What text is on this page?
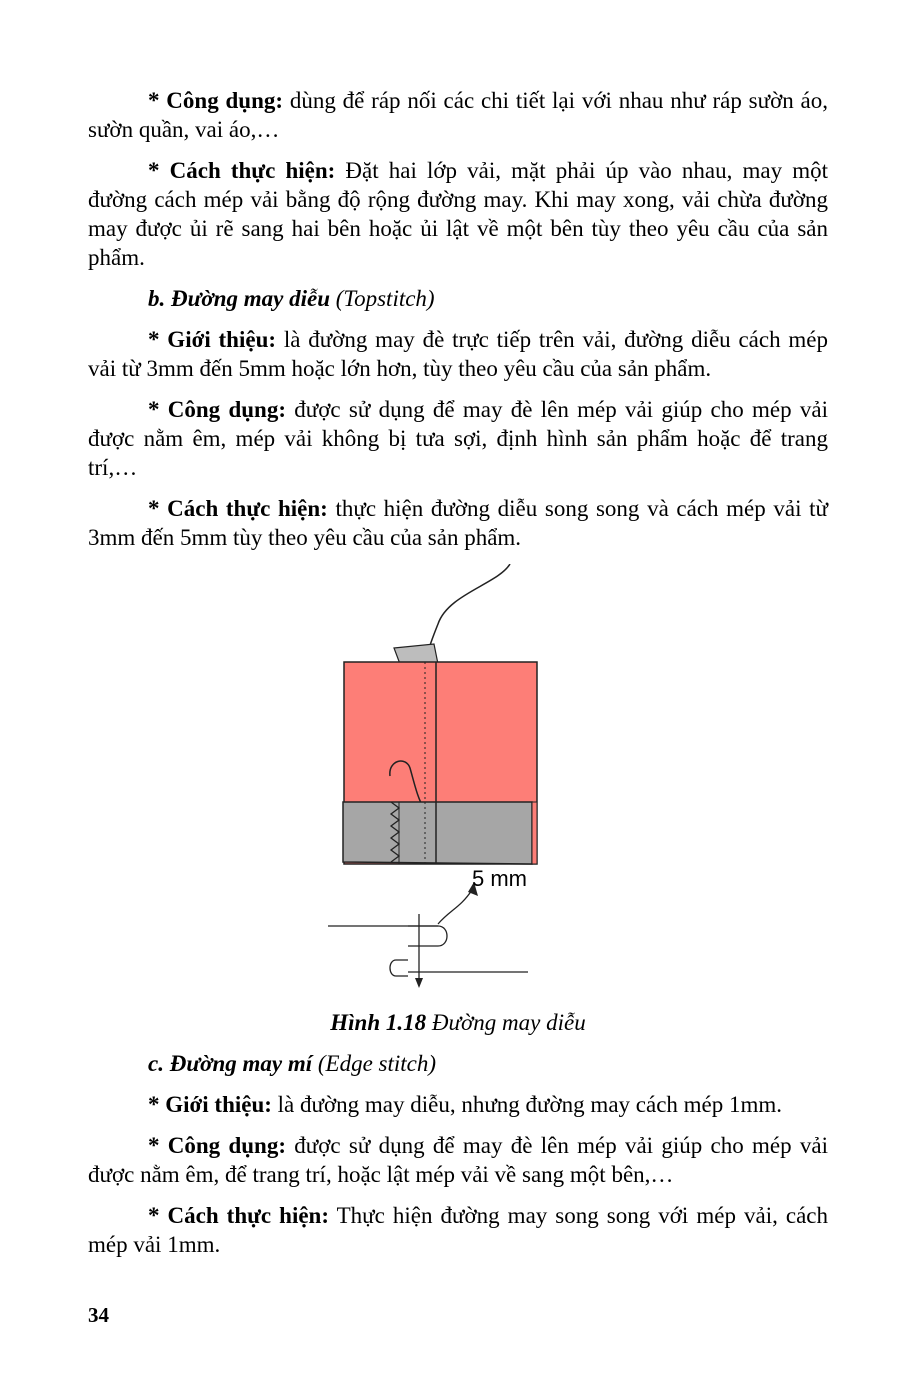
* Công dụng: dùng để ráp nối các chi tiết lại với nhau như ráp sườn áo, sườn quần, vai áo,…

* Cách thực hiện: Đặt hai lớp vải, mặt phải úp vào nhau, may một đường cách mép vải bằng độ rộng đường may. Khi may xong, vải chừa đường may được ủi rẽ sang hai bên hoặc ủi lật về một bên tùy theo yêu cầu của sản phẩm.

b. Đường may diễu (Topstitch)

* Giới thiệu: là đường may đè trực tiếp trên vải, đường diễu cách mép vải từ 3mm đến 5mm hoặc lớn hơn, tùy theo yêu cầu của sản phẩm.

* Công dụng: được sử dụng để may đè lên mép vải giúp cho mép vải được nằm êm, mép vải không bị tưa sợi, định hình sản phẩm hoặc để trang trí,…

* Cách thực hiện: thực hiện đường diễu song song và cách mép vải từ 3mm đến 5mm tùy theo yêu cầu của sản phẩm.

5 mm

Hình 1.18 Đường may diễu

c. Đường may mí (Edge stitch)

* Giới thiệu: là đường may diễu, nhưng đường may cách mép 1mm.

* Công dụng: được sử dụng để may đè lên mép vải giúp cho mép vải được nằm êm, để trang trí, hoặc lật mép vải về sang một bên,…

* Cách thực hiện: Thực hiện đường may song song với mép vải, cách mép vải 1mm.

34
